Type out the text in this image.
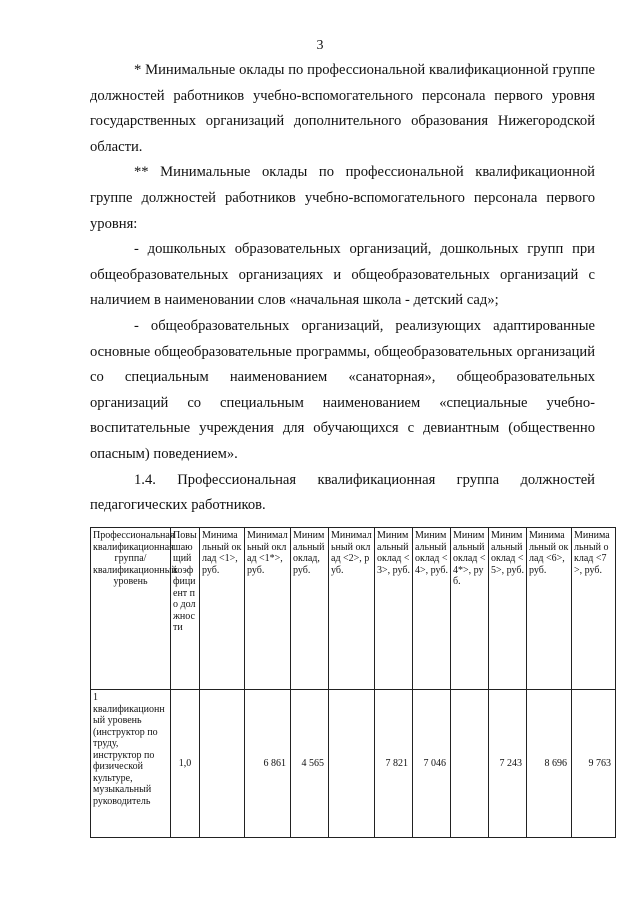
3

* Минимальные оклады по профессиональной квалификационной группе должностей работников учебно-вспомогательного персонала первого уровня государственных организаций дополнительного образования Нижегородской области.

** Минимальные оклады по профессиональной квалификационной группе должностей работников учебно-вспомогательного персонала первого уровня:

- дошкольных образовательных организаций, дошкольных групп при общеобразовательных организациях и общеобразовательных организаций с наличием в наименовании слов «начальная школа - детский сад»;

- общеобразовательных организаций, реализующих адаптированные основные общеобразовательные программы, общеобразовательных организаций со специальным наименованием «санаторная», общеобразовательных организаций со специальным наименованием «специальные учебно-воспитательные учреждения для обучающихся с девиантным (общественно опасным) поведением».

1.4. Профессиональная квалификационная группа должностей педагогических работников.

Профессиональная квалификационная группа/квалификационный уровень	Повышающий коэффициент по должности	Минимальный оклад <1>, руб.	Минимальный оклад <1*>, руб.	Минимальный оклад, руб.	Минимальный оклад <2>, руб.	Минимальный оклад <3>, руб.	Минимальный оклад <4>, руб.	Минимальный оклад <4*>, руб.	Минимальный оклад <5>, руб.	Минимальный оклад <6>, руб.	Минимальный оклад <7>, руб.
1 квалификационный уровень (инструктор по труду, инструктор по физической культуре, музыкальный руководитель	1,0		6 861	4 565		7 821	7 046		7 243	8 696	9 763
